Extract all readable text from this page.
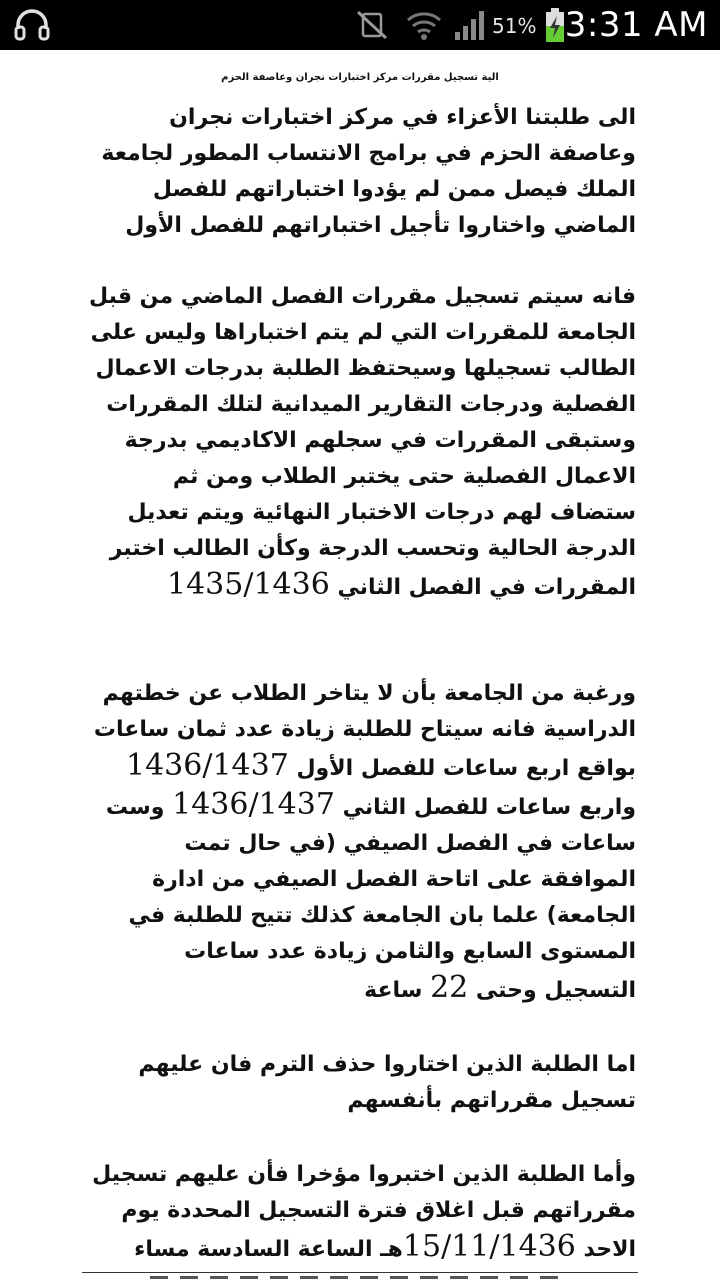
51% 3:31 AM
الية تسجيل مقررات مركز اختبارات نجران وعاصفة الحزم

الى طلبتنا الأعزاء في مركز اختبارات نجران وعاصفة الحزم في برامج الانتساب المطور لجامعة الملك فيصل ممن لم يؤدوا اختباراتهم للفصل الماضي واختاروا تأجيل اختباراتهم للفصل الأول

فانه سيتم تسجيل مقررات الفصل الماضي من قبل الجامعة للمقررات التي لم يتم اختباراها وليس على الطالب تسجيلها وسيحتفظ الطلبة بدرجات الاعمال الفصلية ودرجات التقارير الميدانية لتلك المقررات وستبقى المقررات في سجلهم الاكاديمي بدرجة الاعمال الفصلية حتى يختبر الطلاب ومن ثم ستضاف لهم درجات الاختبار النهائية ويتم تعديل الدرجة الحالية وتحسب الدرجة وكأن الطالب اختبر المقررات في الفصل الثاني 1435/1436

ورغبة من الجامعة بأن لا يتاخر الطلاب عن خطتهم الدراسية فانه سيتاح للطلبة زيادة عدد ثمان ساعات بواقع اربع ساعات للفصل الأول 1436/1437 واربع ساعات للفصل الثاني 1436/1437 وست ساعات في الفصل الصيفي (في حال تمت الموافقة على اتاحة الفصل الصيفي من ادارة الجامعة) علما بان الجامعة كذلك تتيح للطلبة في المستوى السابع والثامن زيادة عدد ساعات التسجيل وحتى 22 ساعة

اما الطلبة الذين اختاروا حذف الترم فان عليهم تسجيل مقرراتهم بأنفسهم

وأما الطلبة الذين اختبروا مؤخرا فأن عليهم تسجيل مقرراتهم قبل اغلاق فترة التسجيل المحددة يوم الاحد 15/11/1436هـ الساعة السادسة مساء
